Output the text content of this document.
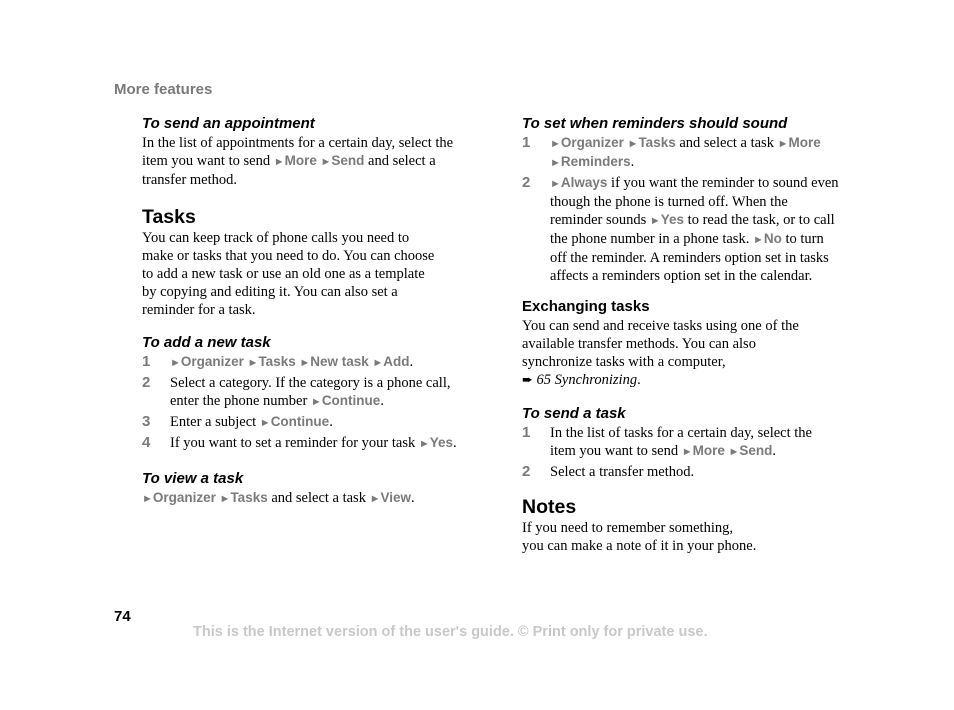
More features

To send an appointment

In the list of appointments for a certain day, select the item you want to send ►More ►Send and select a transfer method.

Tasks

You can keep track of phone calls you need to make or tasks that you need to do. You can choose to add a new task or use an old one as a template by copying and editing it. You can also set a reminder for a task.

To add a new task

1 ►Organizer ►Tasks ►New task ►Add.
2 Select a category. If the category is a phone call, enter the phone number ►Continue.
3 Enter a subject ►Continue.
4 If you want to set a reminder for your task ►Yes.

To view a task

►Organizer ►Tasks and select a task ►View.

To set when reminders should sound

1 ►Organizer ►Tasks and select a task ►More ►Reminders.
2 ►Always if you want the reminder to sound even though the phone is turned off. When the reminder sounds ►Yes to read the task, or to call the phone number in a phone task. ►No to turn off the reminder. A reminders option set in tasks affects a reminders option set in the calendar.

Exchanging tasks

You can send and receive tasks using one of the available transfer methods. You can also synchronize tasks with a computer,
➨ 65 Synchronizing.

To send a task

1 In the list of tasks for a certain day, select the item you want to send ►More ►Send.
2 Select a transfer method.

Notes

If you need to remember something,
you can make a note of it in your phone.

74
This is the Internet version of the user's guide. © Print only for private use.
